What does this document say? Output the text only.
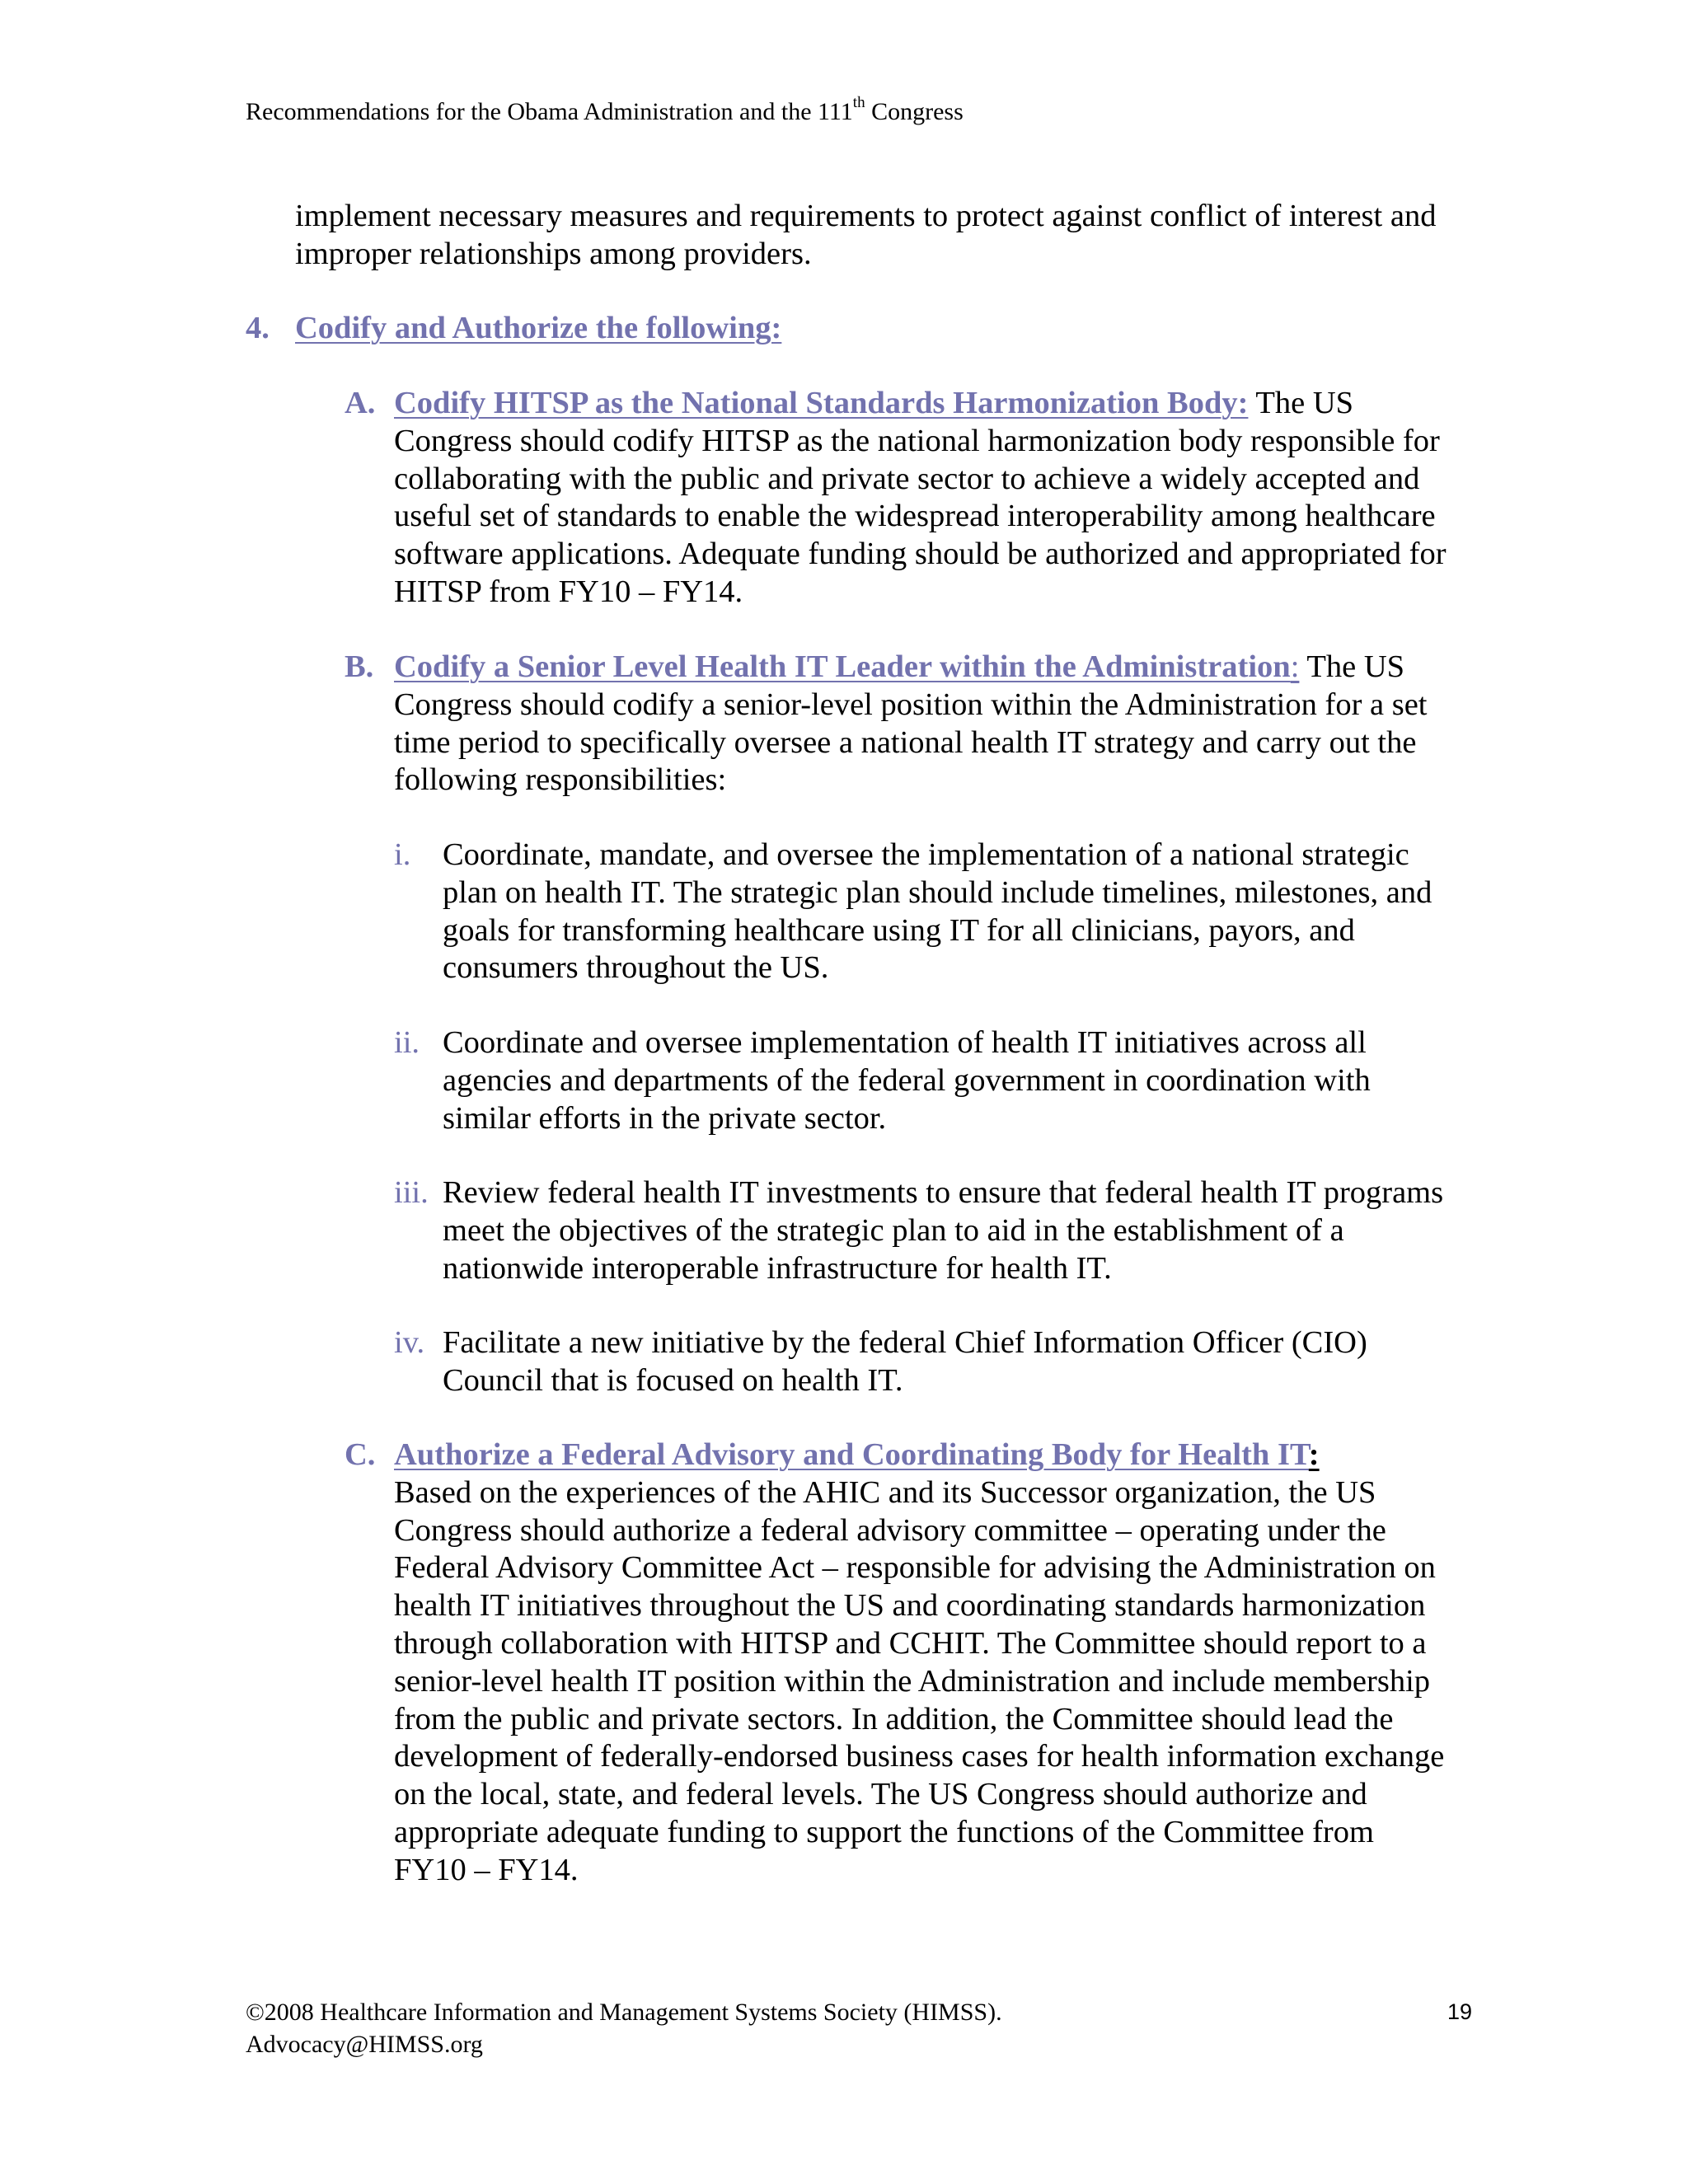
Recommendations for the Obama Administration and the 111th Congress
implement necessary measures and requirements to protect against conflict of interest and improper relationships among providers.
4. Codify and Authorize the following:
A. Codify HITSP as the National Standards Harmonization Body: The US Congress should codify HITSP as the national harmonization body responsible for collaborating with the public and private sector to achieve a widely accepted and useful set of standards to enable the widespread interoperability among healthcare software applications. Adequate funding should be authorized and appropriated for HITSP from FY10 – FY14.
B. Codify a Senior Level Health IT Leader within the Administration: The US Congress should codify a senior-level position within the Administration for a set time period to specifically oversee a national health IT strategy and carry out the following responsibilities:
i.	Coordinate, mandate, and oversee the implementation of a national strategic plan on health IT. The strategic plan should include timelines, milestones, and goals for transforming healthcare using IT for all clinicians, payors, and consumers throughout the US.
ii. Coordinate and oversee implementation of health IT initiatives across all agencies and departments of the federal government in coordination with similar efforts in the private sector.
iii. Review federal health IT investments to ensure that federal health IT programs meet the objectives of the strategic plan to aid in the establishment of a nationwide interoperable infrastructure for health IT.
iv. Facilitate a new initiative by the federal Chief Information Officer (CIO) Council that is focused on health IT.
C. Authorize a Federal Advisory and Coordinating Body for Health IT:
Based on the experiences of the AHIC and its Successor organization, the US Congress should authorize a federal advisory committee – operating under the Federal Advisory Committee Act – responsible for advising the Administration on health IT initiatives throughout the US and coordinating standards harmonization through collaboration with HITSP and CCHIT. The Committee should report to a senior-level health IT position within the Administration and include membership from the public and private sectors. In addition, the Committee should lead the development of federally-endorsed business cases for health information exchange on the local, state, and federal levels. The US Congress should authorize and appropriate adequate funding to support the functions of the Committee from FY10 – FY14.
©2008 Healthcare Information and Management Systems Society (HIMSS).
Advocacy@HIMSS.org
19
